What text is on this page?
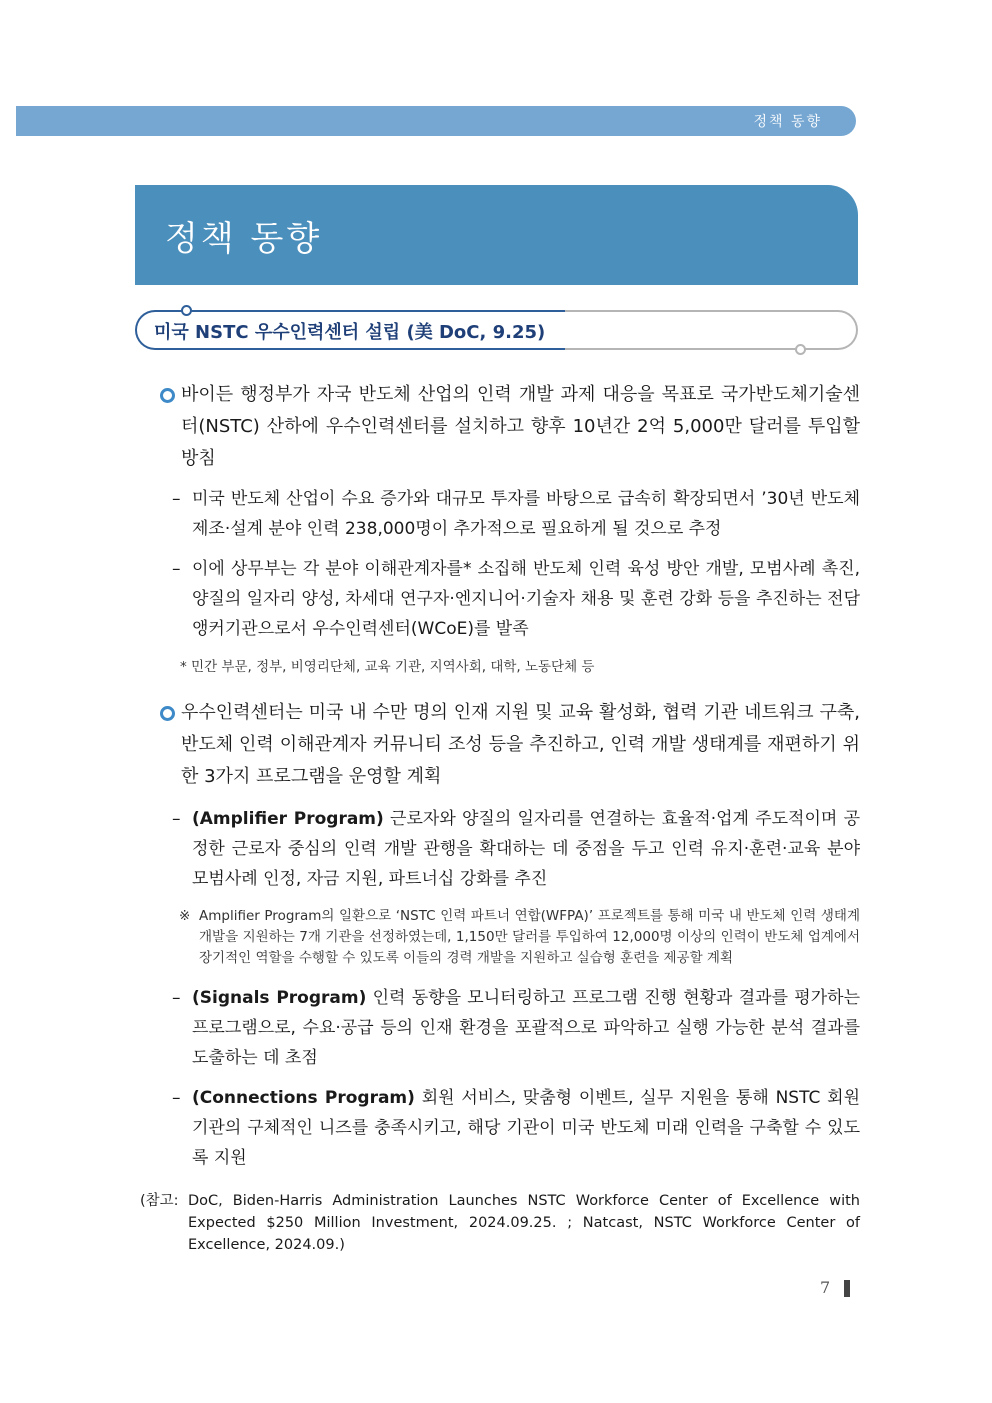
정책 동향
정책 동향
미국 NSTC 우수인력센터 설립 (美 DoC, 9.25)
바이든 행정부가 자국 반도체 산업의 인력 개발 과제 대응을 목표로 국가반도체기술센터(NSTC) 산하에 우수인력센터를 설치하고 향후 10년간 2억 5,000만 달러를 투입할 방침
– 미국 반도체 산업이 수요 증가와 대규모 투자를 바탕으로 급속히 확장되면서 ’30년 반도체 제조·설계 분야 인력 238,000명이 추가적으로 필요하게 될 것으로 추정
– 이에 상무부는 각 분야 이해관계자를* 소집해 반도체 인력 육성 방안 개발, 모범사례 촉진, 양질의 일자리 양성, 차세대 연구자·엔지니어·기술자 채용 및 훈련 강화 등을 추진하는 전담 앵커기관으로서 우수인력센터(WCoE)를 발족
* 민간 부문, 정부, 비영리단체, 교육 기관, 지역사회, 대학, 노동단체 등
우수인력센터는 미국 내 수만 명의 인재 지원 및 교육 활성화, 협력 기관 네트워크 구축, 반도체 인력 이해관계자 커뮤니티 조성 등을 추진하고, 인력 개발 생태계를 재편하기 위한 3가지 프로그램을 운영할 계획
– (Amplifier Program) 근로자와 양질의 일자리를 연결하는 효율적·업계 주도적이며 공정한 근로자 중심의 인력 개발 관행을 확대하는 데 중점을 두고 인력 유지·훈련·교육 분야 모범사례 인정, 자금 지원, 파트너십 강화를 추진
※ Amplifier Program의 일환으로 ‘NSTC 인력 파트너 연합(WFPA)’ 프로젝트를 통해 미국 내 반도체 인력 생태계 개발을 지원하는 7개 기관을 선정하였는데, 1,150만 달러를 투입하여 12,000명 이상의 인력이 반도체 업계에서 장기적인 역할을 수행할 수 있도록 이들의 경력 개발을 지원하고 실습형 훈련을 제공할 계획
– (Signals Program) 인력 동향을 모니터링하고 프로그램 진행 현황과 결과를 평가하는 프로그램으로, 수요·공급 등의 인재 환경을 포괄적으로 파악하고 실행 가능한 분석 결과를 도출하는 데 초점
– (Connections Program) 회원 서비스, 맞춤형 이벤트, 실무 지원을 통해 NSTC 회원 기관의 구체적인 니즈를 충족시키고, 해당 기관이 미국 반도체 미래 인력을 구축할 수 있도록 지원
(참고: DoC, Biden-Harris Administration Launches NSTC Workforce Center of Excellence with Expected $250 Million Investment, 2024.09.25. ; Natcast, NSTC Workforce Center of Excellence, 2024.09.)
7
